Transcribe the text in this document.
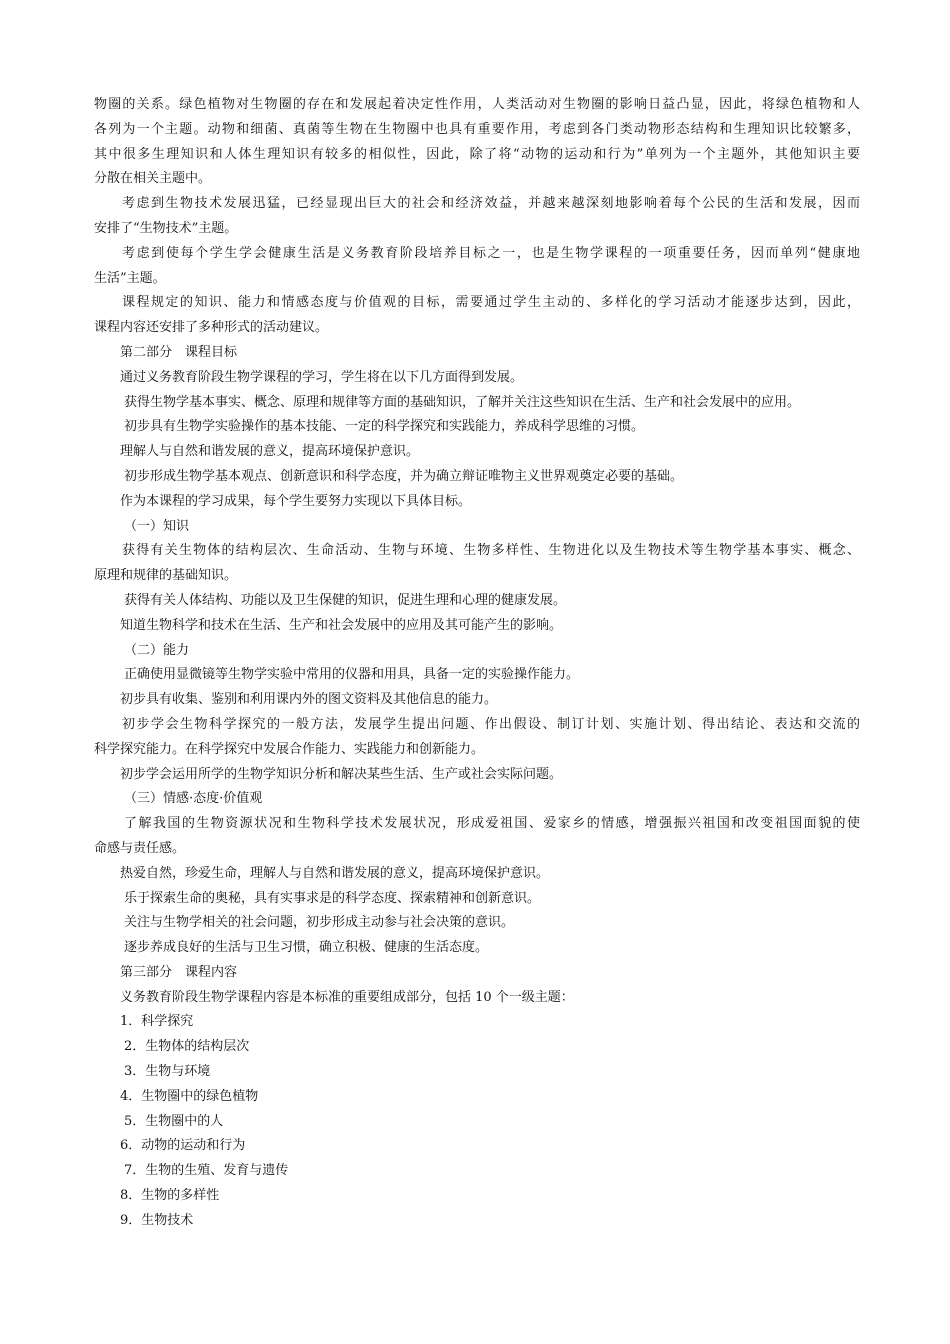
物圈的关系。绿色植物对生物圈的存在和发展起着决定性作用，人类活动对生物圈的影响日益凸显，因此，将绿色植物和人
各列为一个主题。动物和细菌、真菌等生物在生物圈中也具有重要作用，考虑到各门类动物形态结构和生理知识比较繁多，
其中很多生理知识和人体生理知识有较多的相似性，因此，除了将“动物的运动和行为”单列为一个主题外，其他知识主要
分散在相关主题中。
考虑到生物技术发展迅猛，已经显现出巨大的社会和经济效益，并越来越深刻地影响着每个公民的生活和发展，因而
安排了“生物技术”主题。
考虑到使每个学生学会健康生活是义务教育阶段培养目标之一，也是生物学课程的一项重要任务，因而单列“健康地
生活”主题。
课程规定的知识、能力和情感态度与价值观的目标，需要通过学生主动的、多样化的学习活动才能逐步达到，因此，
课程内容还安排了多种形式的活动建议。
第二部分　课程目标
通过义务教育阶段生物学课程的学习，学生将在以下几方面得到发展。
获得生物学基本事实、概念、原理和规律等方面的基础知识，了解并关注这些知识在生活、生产和社会发展中的应用。
初步具有生物学实验操作的基本技能、一定的科学探究和实践能力，养成科学思维的习惯。
理解人与自然和谐发展的意义，提高环境保护意识。
初步形成生物学基本观点、创新意识和科学态度，并为确立辩证唯物主义世界观奠定必要的基础。
作为本课程的学习成果，每个学生要努力实现以下具体目标。
（一）知识
获得有关生物体的结构层次、生命活动、生物与环境、生物多样性、生物进化以及生物技术等生物学基本事实、概念、
原理和规律的基础知识。
获得有关人体结构、功能以及卫生保健的知识，促进生理和心理的健康发展。
知道生物科学和技术在生活、生产和社会发展中的应用及其可能产生的影响。
（二）能力
正确使用显微镜等生物学实验中常用的仪器和用具，具备一定的实验操作能力。
初步具有收集、鉴别和利用课内外的图文资料及其他信息的能力。
初步学会生物科学探究的一般方法，发展学生提出问题、作出假设、制订计划、实施计划、得出结论、表达和交流的
科学探究能力。在科学探究中发展合作能力、实践能力和创新能力。
初步学会运用所学的生物学知识分析和解决某些生活、生产或社会实际问题。
（三）情感·态度·价值观
了解我国的生物资源状况和生物科学技术发展状况，形成爱祖国、爱家乡的情感，增强振兴祖国和改变祖国面貌的使
命感与责任感。
热爱自然，珍爱生命，理解人与自然和谐发展的意义，提高环境保护意识。
乐于探索生命的奥秘，具有实事求是的科学态度、探索精神和创新意识。
关注与生物学相关的社会问题，初步形成主动参与社会决策的意识。
逐步养成良好的生活与卫生习惯，确立积极、健康的生活态度。
第三部分　课程内容
义务教育阶段生物学课程内容是本标准的重要组成部分，包括 10 个一级主题：
1．科学探究
2．生物体的结构层次
3．生物与环境
4．生物圈中的绿色植物
5．生物圈中的人
6．动物的运动和行为
7．生物的生殖、发育与遗传
8．生物的多样性
9．生物技术
